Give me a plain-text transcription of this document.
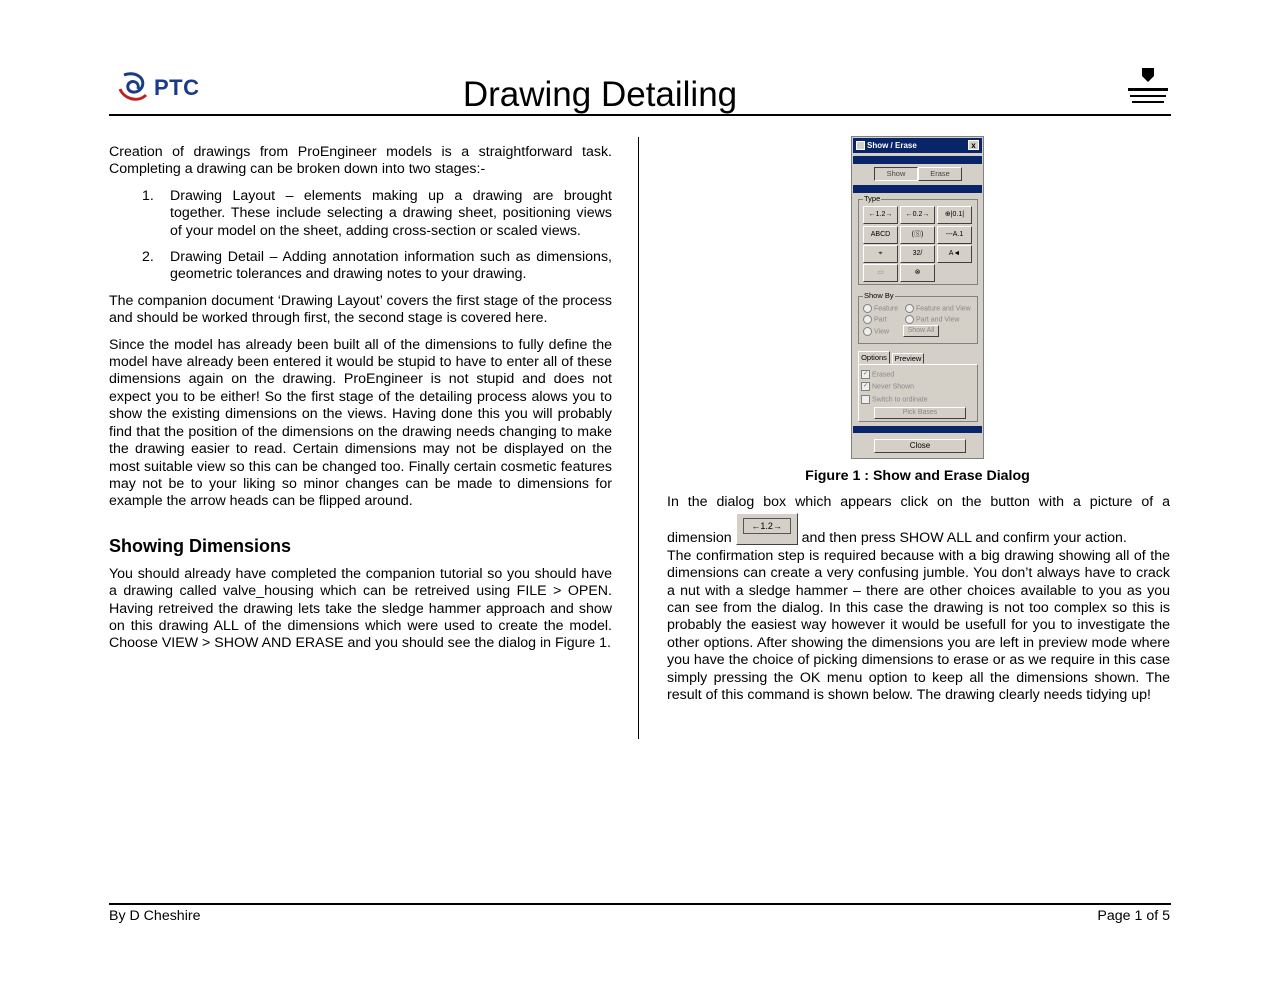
PTC	Drawing Detailing

Creation of drawings from ProEngineer models is a straightforward task. Completing a drawing can be broken down into two stages:-

1. Drawing Layout – elements making up a drawing are brought together. These include selecting a drawing sheet, positioning views of your model on the sheet, adding cross-section or scaled views.
2. Drawing Detail – Adding annotation information such as dimensions, geometric tolerances and drawing notes to your drawing.

The companion document ‘Drawing Layout’ covers the first stage of the process and should be worked through first, the second stage is covered here.

Since the model has already been built all of the dimensions to fully define the model have already been entered it would be stupid to have to enter all of these dimensions again on the drawing. ProEngineer is not stupid and does not expect you to be either! So the first stage of the detailing process alows you to show the existing dimensions on the views. Having done this you will probably find that the position of the dimensions on the drawing needs changing to make the drawing easier to read. Certain dimensions may not be displayed on the most suitable view so this can be changed too. Finally certain cosmetic features may not be to your liking so minor changes can be made to dimensions for example the arrow heads can be flipped around.

Showing Dimensions

You should already have completed the companion tutorial so you should have a drawing called valve_housing which can be retreived using FILE > OPEN. Having retreived the drawing lets take the sledge hammer approach and show on this drawing ALL of the dimensions which were used to create the model. Choose VIEW > SHOW AND ERASE and you should see the dialog in Figure 1.

Show / Erase	x
Show	Erase
Type
←1.2→	←0.2→	⊕|0.1|
ABCD	(Ⓢ)	---A.1
⌖	32/	A◄
▭	⊗
Show By
Feature	Feature and View
Part	Part and View
View	Show All
Options	Preview
✓ Erased
✓ Never Shown
Switch to ordinate
Pick Bases
Close
Figure 1 : Show and Erase Dialog
In the dialog box which appears click on the button with a picture of a
dimension
←1.2→
and then press SHOW ALL and confirm your action.
The confirmation step is required because with a big drawing showing all of the dimensions can create a very confusing jumble. You don’t always have to crack a nut with a sledge hammer – there are other choices available to you as you can see from the dialog. In this case the drawing is not too complex so this is probably the easiest way however it would be usefull for you to investigate the other options. After showing the dimensions you are left in preview mode where you have the choice of picking dimensions to erase or as we require in this case simply pressing the OK menu option to keep all the dimensions shown. The result of this command is shown below. The drawing clearly needs tidying up!
By D Cheshire	Page 1 of 5
